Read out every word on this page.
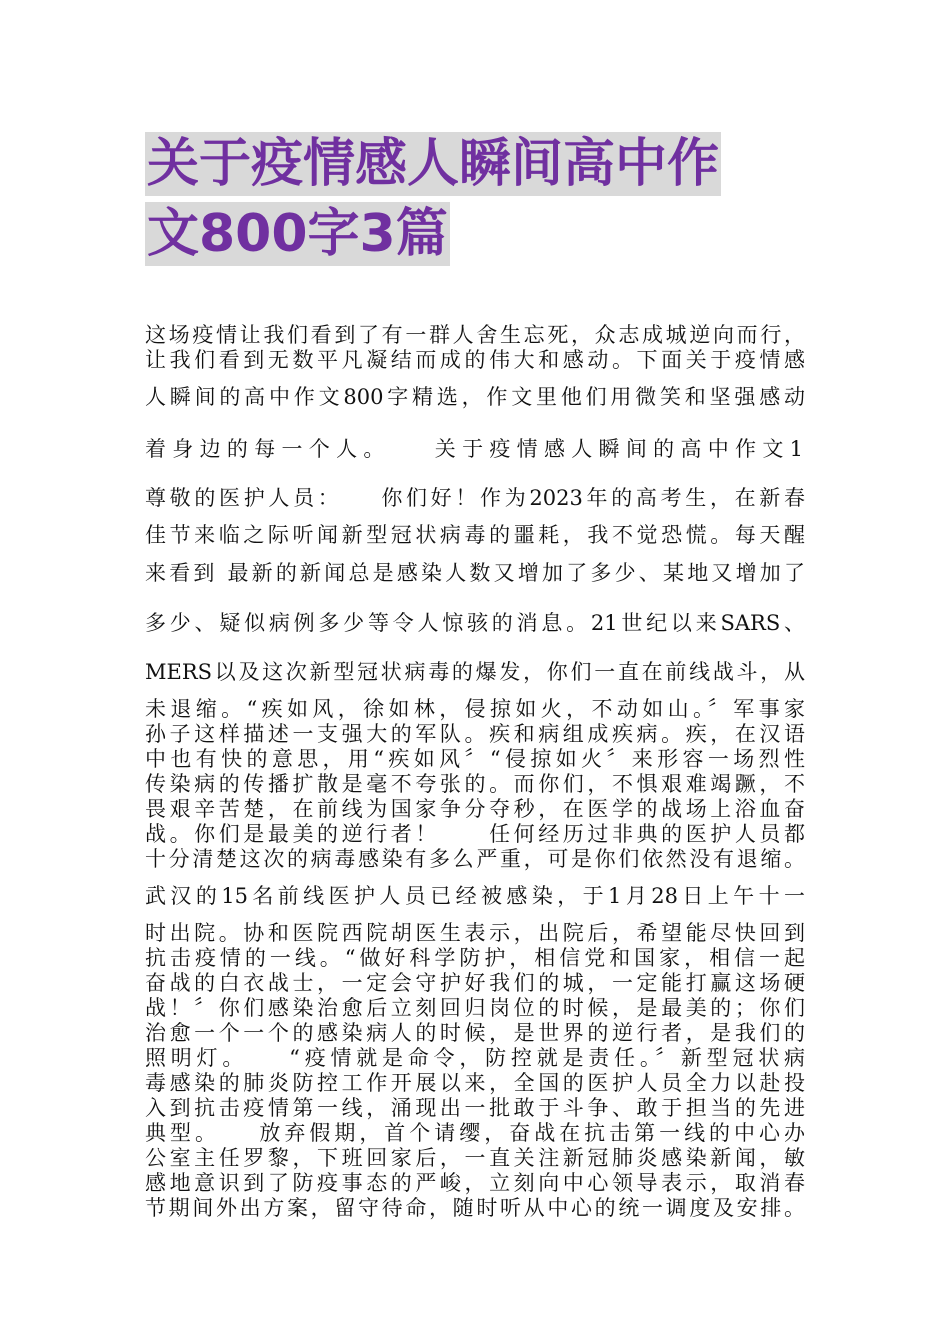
关于疫情感人瞬间高中作
文800字3篇
这场疫情让我们看到了有一群人舍生忘死，众志成城逆向而行，
让我们看到无数平凡凝结而成的伟大和感动。下面关于疫情感
人瞬间的高中作文800字精选，作文里他们用微笑和坚强感动
着身边的每一个人。　　关于疫情感人瞬间的高中作文1
尊敬的医护人员：　　你们好！作为2023年的高考生，在新春
佳节来临之际听闻新型冠状病毒的噩耗，我不觉恐慌。每天醒
来看到 最新的新闻总是感染人数又增加了多少、某地又增加了
多少、疑似病例多少等令人惊骇的消息。21世纪以来SARS、
MERS以及这次新型冠状病毒的爆发，你们一直在前线战斗，从
未退缩。“疾如风，徐如林，侵掠如火，不动如山。〞军事家
孙子这样描述一支强大的军队。疾和病组成疾病。疾，在汉语
中也有快的意思，用“疾如风〞“侵掠如火〞来形容一场烈性
传染病的传播扩散是毫不夸张的。而你们，不惧艰难竭蹶，不
畏艰辛苦楚，在前线为国家争分夺秒，在医学的战场上浴血奋
战。你们是最美的逆行者！　　任何经历过非典的医护人员都
十分清楚这次的病毒感染有多么严重，可是你们依然没有退缩。
武汉的15名前线医护人员已经被感染，于1月28日上午十一
时出院。协和医院西院胡医生表示，出院后，希望能尽快回到
抗击疫情的一线。“做好科学防护，相信党和国家，相信一起
奋战的白衣战士，一定会守护好我们的城，一定能打赢这场硬
战！〞你们感染治愈后立刻回归岗位的时候，是最美的；你们
治愈一个一个的感染病人的时候，是世界的逆行者，是我们的
照明灯。　　“疫情就是命令，防控就是责任。〞新型冠状病
毒感染的肺炎防控工作开展以来，全国的医护人员全力以赴投
入到抗击疫情第一线，涌现出一批敢于斗争、敢于担当的先进
典型。　　放弃假期，首个请缨，奋战在抗击第一线的中心办
公室主任罗黎，下班回家后，一直关注新冠肺炎感染新闻，敏
感地意识到了防疫事态的严峻，立刻向中心领导表示，取消春
节期间外出方案，留守待命，随时听从中心的统一调度及安排。
